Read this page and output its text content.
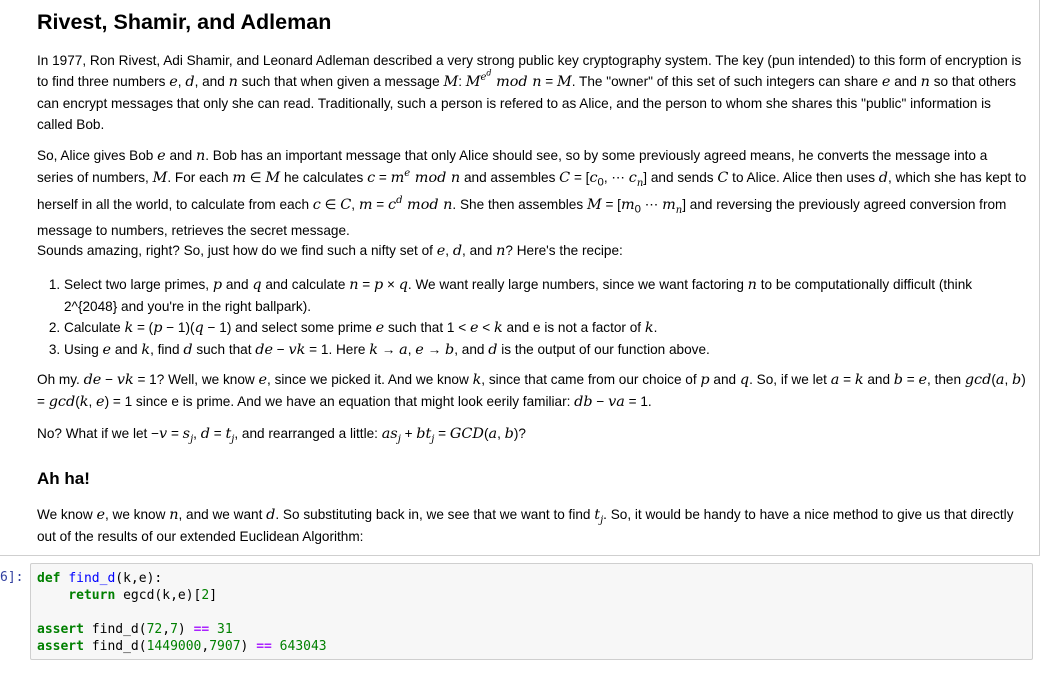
Rivest, Shamir, and Adleman
In 1977, Ron Rivest, Adi Shamir, and Leonard Adleman described a very strong public key cryptography system. The key (pun intended) to this form of encryption is to find three numbers e, d, and n such that when given a message M: $M^{e^d}$ mod n = M. The "owner" of this set of such integers can share e and n so that others can encrypt messages that only she can read. Traditionally, such a person is refered to as Alice, and the person to whom she shares this "public" information is called Bob.
So, Alice gives Bob e and n. Bob has an important message that only Alice should see, so by some previously agreed means, he converts the message into a series of numbers, M. For each m ∈ M he calculates $c = m^e$ mod n and assembles $C = [c_0$, ⋯ $c_n$] and sends C to Alice. Alice then uses d, which she has kept to herself in all the world, to calculate from each c ∈ C, $m = c^d$ mod n. She then assembles $M = [m_0$ ⋯ $m_n$] and reversing the previously agreed conversion from message to numbers, retrieves the secret message.
Sounds amazing, right? So, just how do we find such a nifty set of e, d, and n? Here's the recipe:
1. Select two large primes, p and q and calculate n = p × q. We want really large numbers, since we want factoring n to be computationally difficult (think 2^{2048} and you're in the right ballpark).
2. Calculate k = (p − 1)(q − 1) and select some prime e such that 1 < e < k and e is not a factor of k.
3. Using e and k, find d such that de − vk = 1. Here k → a, e → b, and d is the output of our function above.
Oh my. de − vk = 1? Well, we know e, since we picked it. And we know k, since that came from our choice of p and q. So, if we let a = k and b = e, then gcd(a, b) = gcd(k, e) = 1 since e is prime. And we have an equation that might look eerily familiar: db − va = 1.
No? What if we let $-v = s_j$, $d = t_j$, and rearranged a little: $as_j + bt_j = GCD(a$, b)?
Ah ha!
We know e, we know n, and we want d. So substituting back in, we see that we want to find $t_j$. So, it would be handy to have a nice method to give us that directly out of the results of our extended Euclidean Algorithm:
6]: def find_d(k,e):
return egcd(k,e)[2]
assert find_d(72,7) == 31
assert find_d(1449000,7907) == 643043
